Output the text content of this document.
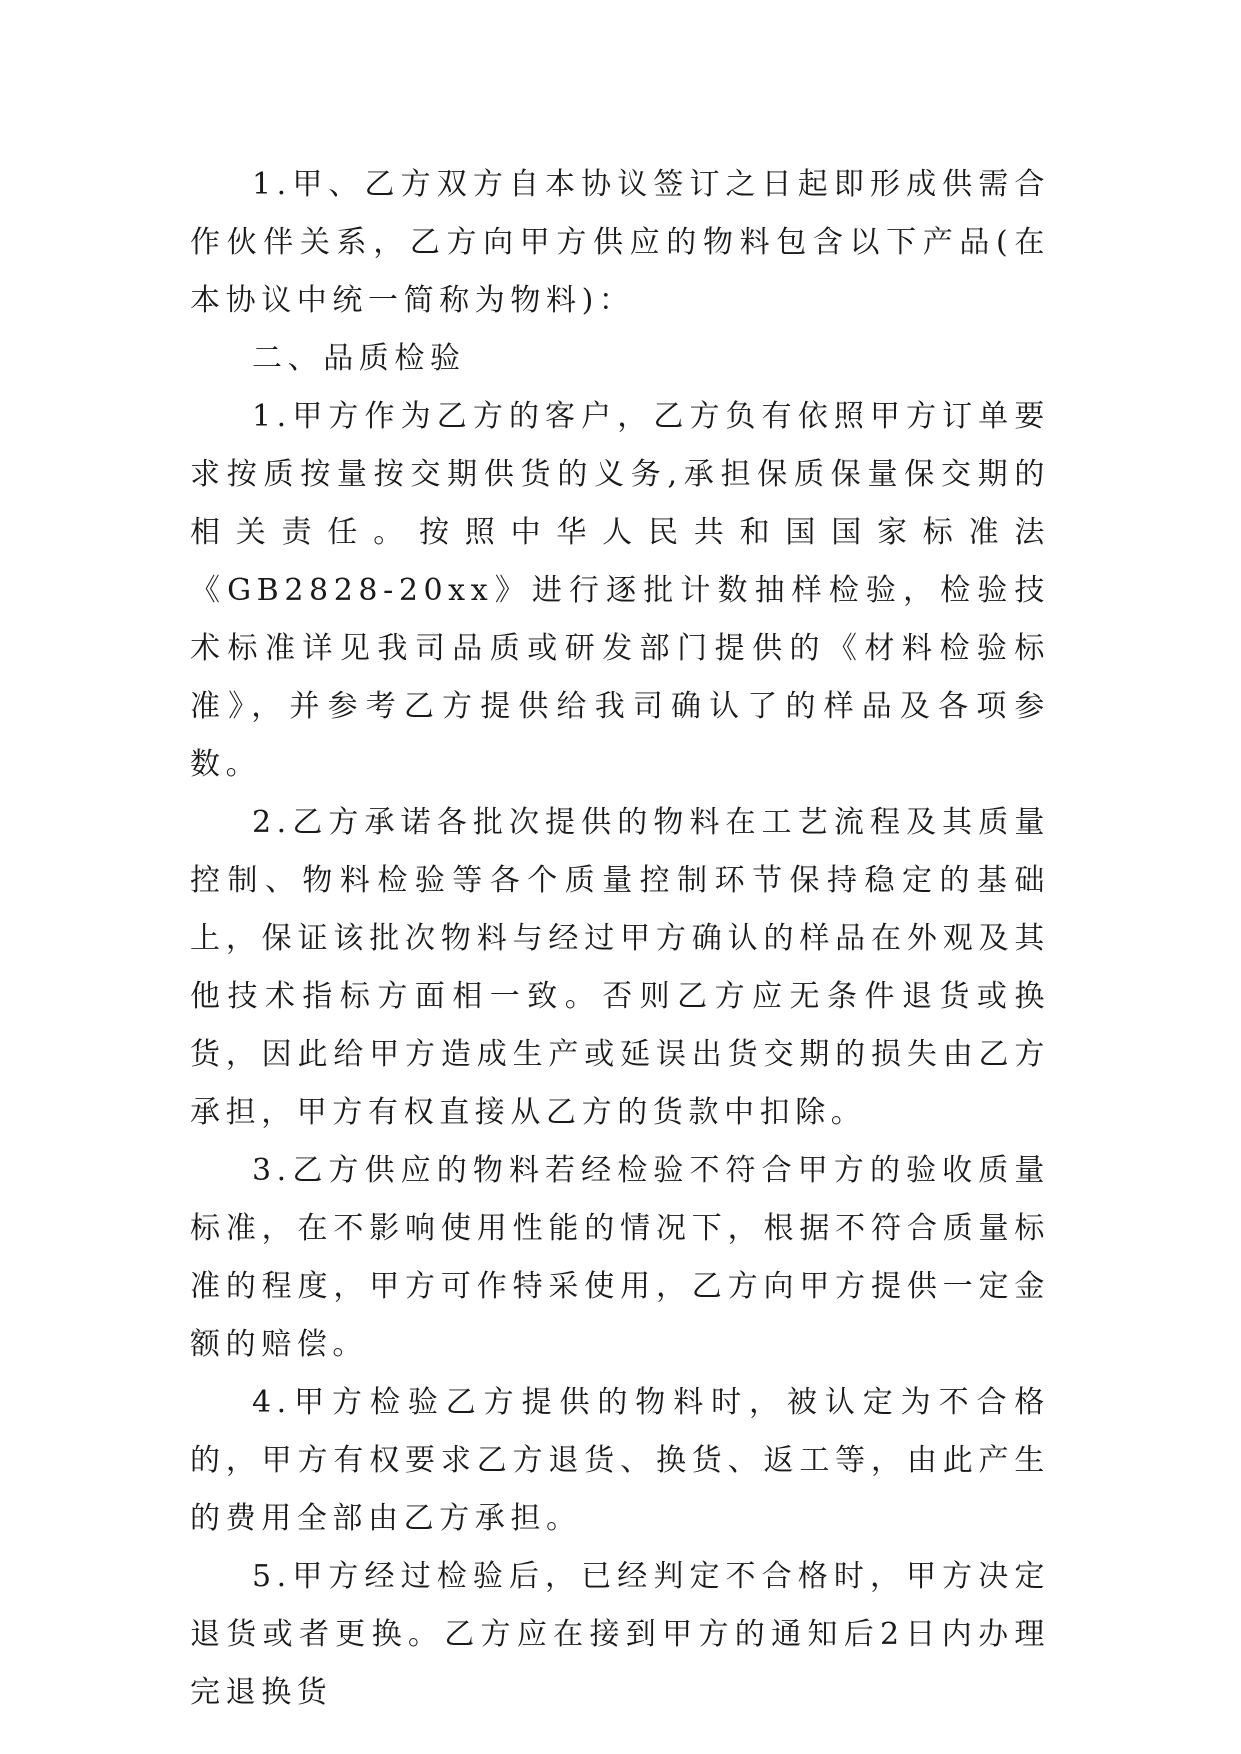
1.甲、乙方双方自本协议签订之日起即形成供需合作伙伴关系，乙方向甲方供应的物料包含以下产品(在本协议中统一简称为物料)：

二、品质检验

1.甲方作为乙方的客户，乙方负有依照甲方订单要求按质按量按交期供货的义务,承担保质保量保交期的相关责任。按照中华人民共和国国家标准法《GB2828-20xx》进行逐批计数抽样检验，检验技术标准详见我司品质或研发部门提供的《材料检验标准》，并参考乙方提供给我司确认了的样品及各项参数。

2.乙方承诺各批次提供的物料在工艺流程及其质量控制、物料检验等各个质量控制环节保持稳定的基础上，保证该批次物料与经过甲方确认的样品在外观及其他技术指标方面相一致。否则乙方应无条件退货或换货，因此给甲方造成生产或延误出货交期的损失由乙方承担，甲方有权直接从乙方的货款中扣除。

3.乙方供应的物料若经检验不符合甲方的验收质量标准，在不影响使用性能的情况下，根据不符合质量标准的程度，甲方可作特采使用，乙方向甲方提供一定金额的赔偿。

4.甲方检验乙方提供的物料时，被认定为不合格的，甲方有权要求乙方退货、换货、返工等，由此产生的费用全部由乙方承担。

5.甲方经过检验后，已经判定不合格时，甲方决定退货或者更换。乙方应在接到甲方的通知后2日内办理完退换货
